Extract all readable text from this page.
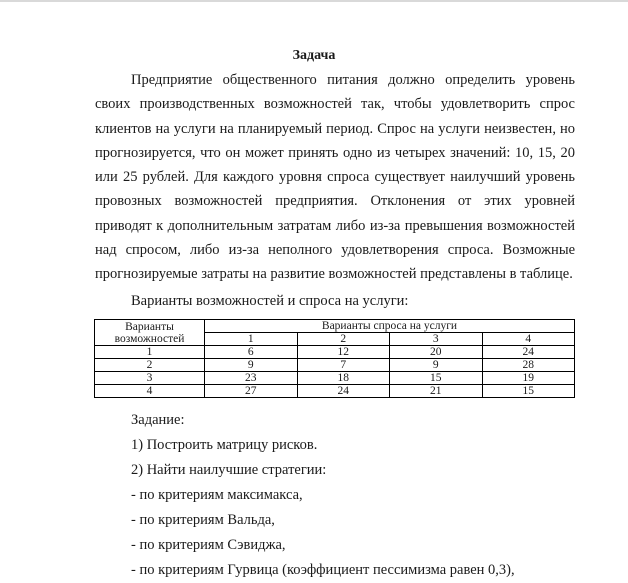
Задача
Предприятие общественного питания должно определить уровень
своих производственных возможностей так, чтобы удовлетворить спрос
клиентов на услуги на планируемый период. Спрос на услуги неизвестен, но
прогнозируется, что он может принять одно из четырех значений: 10, 15, 20
или 25 рублей. Для каждого уровня спроса существует наилучший уровень
провозных возможностей предприятия. Отклонения от этих уровней
приводят к дополнительным затратам либо из-за превышения возможностей
над спросом, либо из-за неполного удовлетворения спроса. Возможные
прогнозируемые затраты на развитие возможностей представлены в таблице.
Варианты возможностей и спроса на услуги:
Варианты
возможностей	Варианты спроса на услуги			
	1	2	3	4
1	6	12	20	24
2	9	7	9	28
3	23	18	15	19
4	27	24	21	15
Задание:
1) Построить матрицу рисков.
2) Найти наилучшие стратегии:
- по критериям максимакса,
- по критериям Вальда,
- по критериям Сэвиджа,
- по критериям Гурвица (коэффициент пессимизма равен 0,3),
